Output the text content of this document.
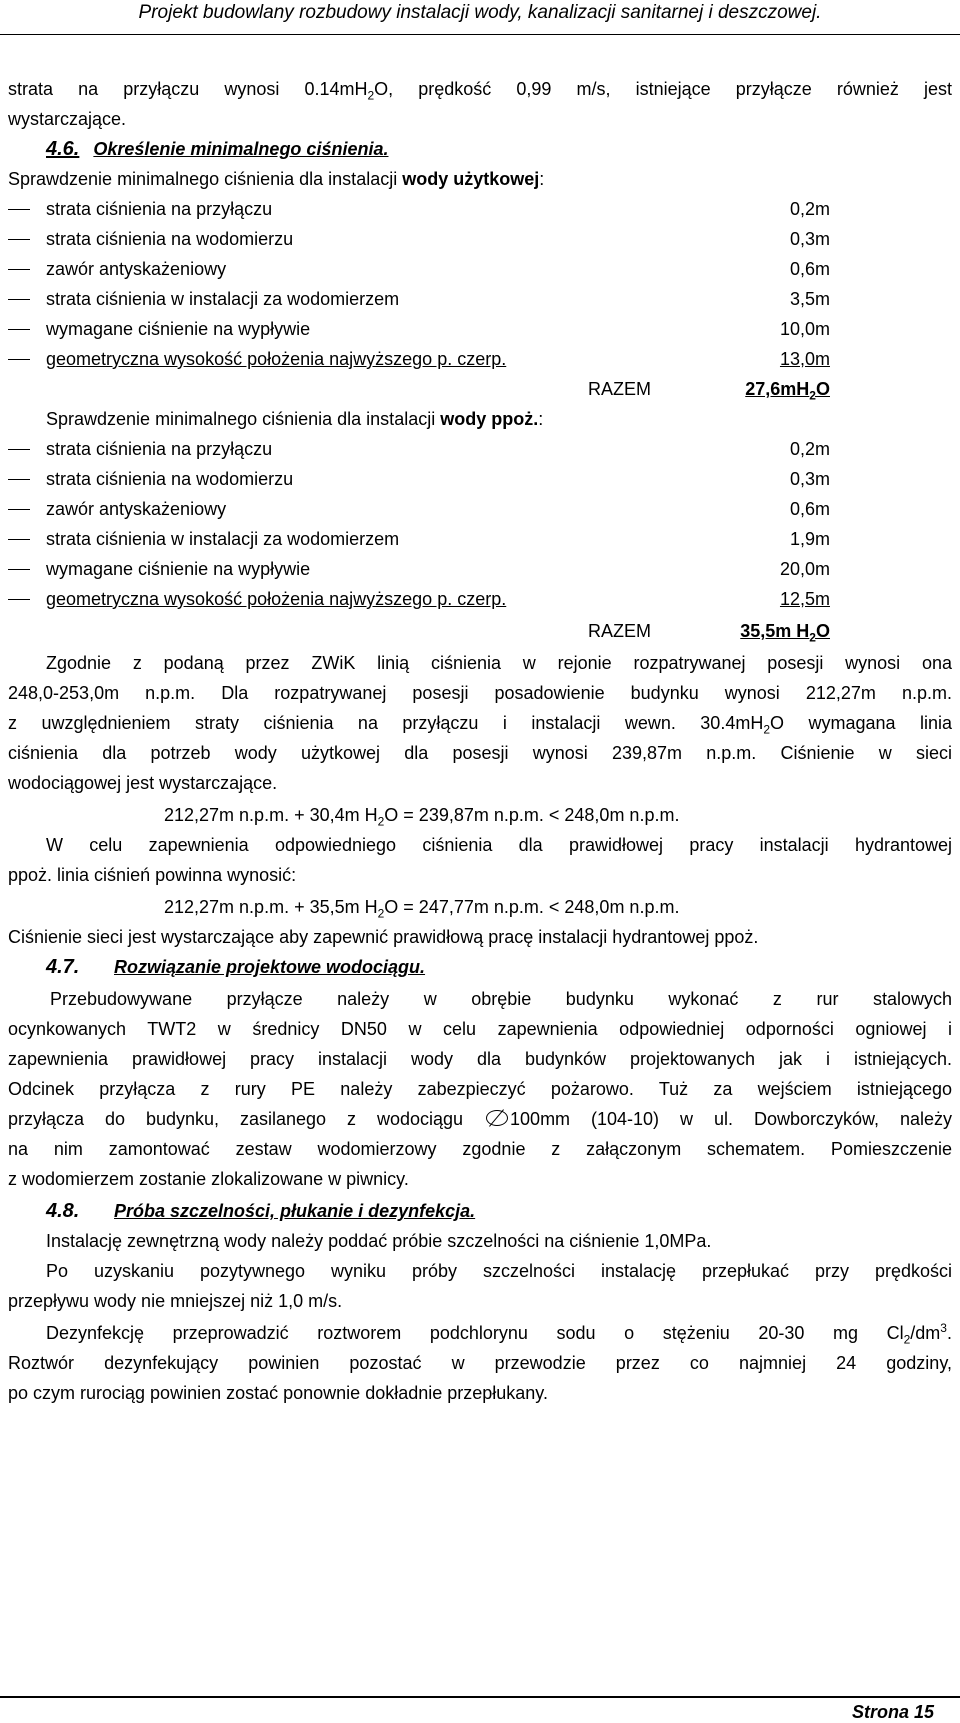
Projekt budowlany rozbudowy instalacji wody, kanalizacji sanitarnej i deszczowej.
strata na przyłączu wynosi $0.14mH_2O$, prędkość 0,99 m/s, istniejące przyłącze również jest
wystarczające.
4.6. Określenie minimalnego ciśnienia.
Sprawdzenie minimalnego ciśnienia dla instalacji wody użytkowej:
strata ciśnienia na przyłączu	0,2m
strata ciśnienia na wodomierzu	0,3m
zawór antyskażeniowy	0,6m
strata ciśnienia w instalacji za wodomierzem	3,5m
wymagane ciśnienie na wypływie	10,0m
geometryczna wysokość położenia najwyższego p. czerp.	13,0m
RAZEM	$27,6mH_2O$
Sprawdzenie minimalnego ciśnienia dla instalacji wody ppoż.:
strata ciśnienia na przyłączu	0,2m
strata ciśnienia na wodomierzu	0,3m
zawór antyskażeniowy	0,6m
strata ciśnienia w instalacji za wodomierzem	1,9m
wymagane ciśnienie na wypływie	20,0m
geometryczna wysokość położenia najwyższego p. czerp.	12,5m
RAZEM	35,5m $H_2O$
Zgodnie z podaną przez ZWiK linią ciśnienia w rejonie rozpatrywanej posesji wynosi ona
248,0-253,0m n.p.m. Dla rozpatrywanej posesji posadowienie budynku wynosi 212,27m n.p.m.
z uwzględnieniem straty ciśnienia na przyłączu i instalacji wewn. $30.4mH_2O$ wymagana linia
ciśnienia dla potrzeb wody użytkowej dla posesji wynosi 239,87m n.p.m. Ciśnienie w sieci
wodociągowej jest wystarczające.
212,27m n.p.m. + 30,4m $H_2O = 239,87m$ n.p.m. < 248,0m n.p.m.
W celu zapewnienia odpowiedniego ciśnienia dla prawidłowej pracy instalacji hydrantowej
ppoż. linia ciśnień powinna wynosić:
212,27m n.p.m. + 35,5m $H_2O = 247,77m$ n.p.m. < 248,0m n.p.m.
Ciśnienie sieci jest wystarczające aby zapewnić prawidłową pracę instalacji hydrantowej ppoż.
4.7. Rozwiązanie projektowe wodociągu.
Przebudowywane przyłącze należy w obrębie budynku wykonać z rur stalowych
ocynkowanych TWT2 w średnicy DN50 w celu zapewnienia odpowiedniej odporności ogniowej i
zapewnienia prawidłowej pracy instalacji wody dla budynków projektowanych jak i istniejących.
Odcinek przyłącza z rury PE należy zabezpieczyć pożarowo. Tuż za wejściem istniejącego
przyłącza do budynku, zasilanego z wodociągu 100mm (104-10) w ul. Dowborczyków, należy
na nim zamontować zestaw wodomierzowy zgodnie z załączonym schematem. Pomieszczenie
z wodomierzem zostanie zlokalizowane w piwnicy.
4.8. Próba szczelności, płukanie i dezynfekcja.
Instalację zewnętrzną wody należy poddać próbie szczelności na ciśnienie 1,0MPa.
Po uzyskaniu pozytywnego wyniku próby szczelności instalację przepłukać przy prędkości
przepływu wody nie mniejszej niż 1,0 m/s.
Dezynfekcję przeprowadzić roztworem podchlorynu sodu o stężeniu 20-30 mg $Cl_2/dm^3$.
Roztwór dezynfekujący powinien pozostać w przewodzie przez co najmniej 24 godziny,
po czym rurociąg powinien zostać ponownie dokładnie przepłukany.
Strona 15
